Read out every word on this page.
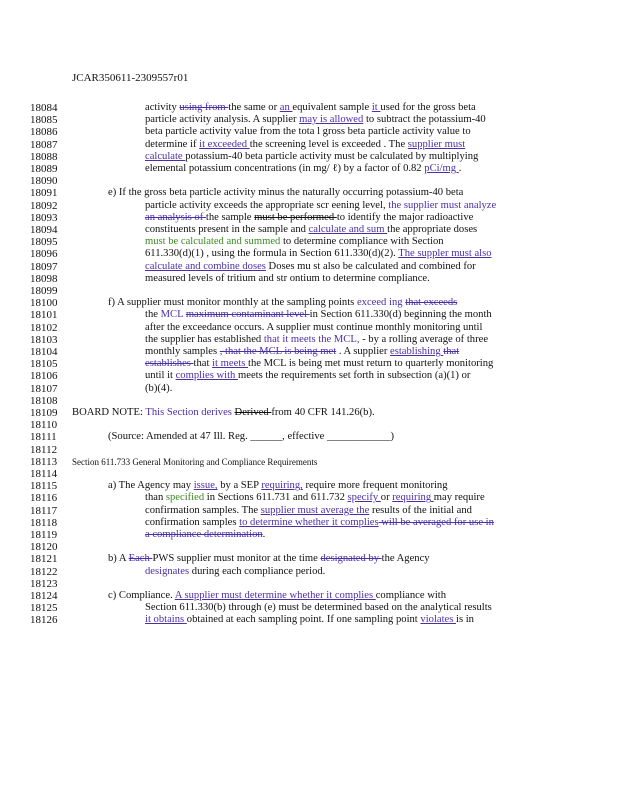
JCAR350611-2309557r01
18084	activity using from the same or an equivalent sample it used for the gross beta
18085	particle activity analysis. A supplier may is allowed to subtract the potassium-40
18086	beta particle activity value from the tota l gross beta particle activity value to
18087	determine if it exceeded the screening level is exceeded . The supplier must
18088	calculate potassium-40 beta particle activity must be calculated by multiplying
18089	elemental potassium concentrations (in mg/ ℓ) by a factor of 0.82 pCi/mg .
18090
18091	e) If the gross beta particle activity minus the naturally occurring potassium-40 beta
18092	particle activity exceeds the appropriate scr eening level, the supplier must analyze
18093	an analysis of the sample must be performed to identify the major radioactive
18094	constituents present in the sample and calculate and sum the appropriate doses
18095	must be calculated and summed to determine compliance with Section
18096	611.330(d)(1) , using the formula in Section 611.330(d)(2). The suppler must also
18097	calculate and combine doses Doses mu st also be calculated and combined for
18098	measured levels of tritium and str ontium to determine compliance.
18099
18100	f) A supplier must monitor monthly at the sampling points exceed ing that exceeds
18101	the MCL maximum contaminant level in Section 611.330(d) beginning the month
18102	after the exceedance occurs. A supplier must continue monthly monitoring until
18103	the supplier has established that it meets the MCL, - by a rolling average of three
18104	monthly samples , that the MCL is being met . A supplier establishing that
18105	establishes that it meets the MCL is being met must return to quarterly monitoring
18106	until it complies with meets the requirements set forth in subsection (a)(1) or
18107	(b)(4).
18108
18109 BOARD NOTE: This Section derives Derived from 40 CFR 141.26(b).
18110
18111	(Source: Amended at 47 Ill. Reg. ______, effective ____________)
18112
18113	Section 611.733 General Monitoring and Compliance Requirements
18114
18115	a) The Agency may issue, by a SEP requiring, require more frequent monitoring
18116	than specified in Sections 611.731 and 611.732 specify or requiring may require
18117	confirmation samples. The supplier must average the results of the initial and
18118	confirmation samples to determine whether it complies will be averaged for use in
18119	a compliance determination.
18120
18121	b) A Each PWS supplier must monitor at the time designated by the Agency
18122	designates during each compliance period.
18123
18124	c) Compliance. A supplier must determine whether it complies compliance with
18125	Section 611.330(b) through (e) must be determined based on the analytical results
18126	it obtains obtained at each sampling point. If one sampling point violates is in
